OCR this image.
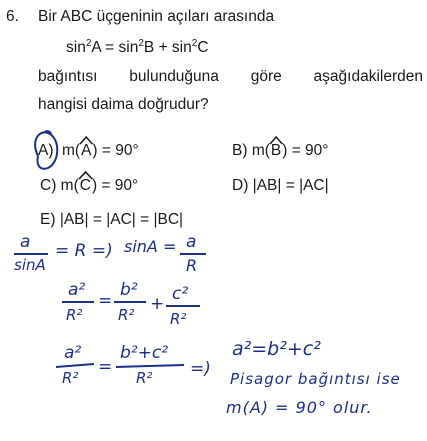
6. Bir ABC üçgeninin açıları arasında
$\sin^2A = \sin^2B + \sin^2C$
bağıntısı bulunduğuna göre aşağıdakilerden
hangisi daima doğrudur?
A) m(
A) = 90°	B) m(
B) = 90°
C) m(
C) = 90°	D) |AB| = |AC|
E) |AB| = |AC| = |BC|
a
sinA
= R =) sinA = a
R
a²
R²
=
b²
R²
+ c²
R²
a²
R²
=
b²+c²
R² =)
a²=b²+c²
Pisagor bağıntısı ise
m(A) = 90° olur.
